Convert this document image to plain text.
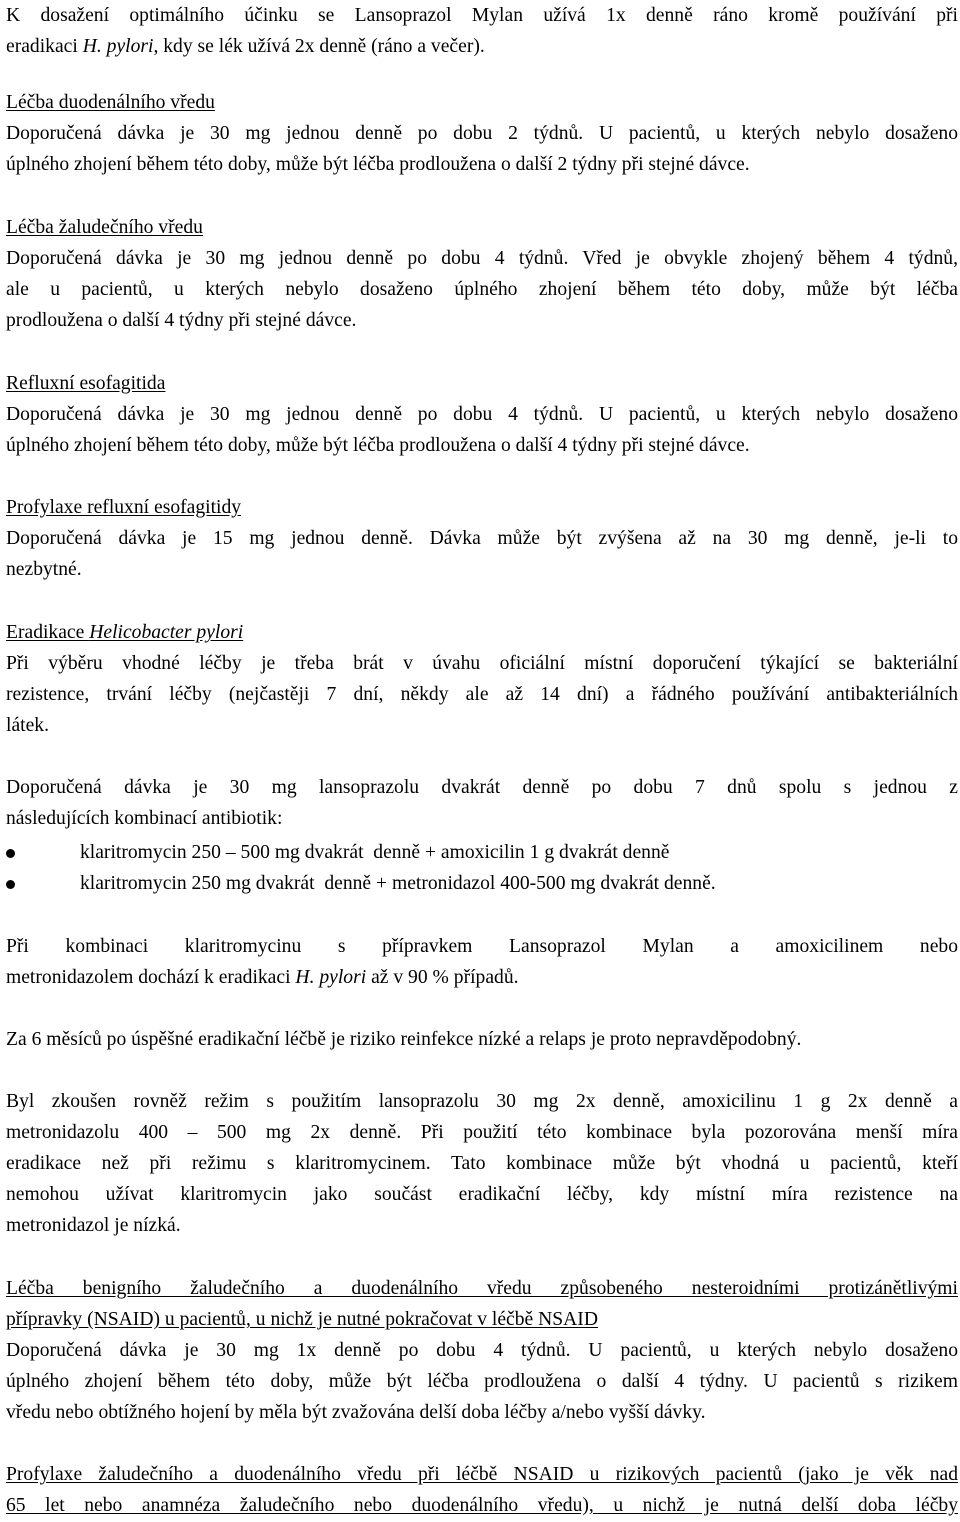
K dosažení optimálního účinku se Lansoprazol Mylan užívá 1x denně ráno kromě používání při
eradikaci H. pylori, kdy se lék užívá 2x denně (ráno a večer).
Léčba duodenálního vředu
Doporučená dávka je 30 mg jednou denně po dobu 2 týdnů. U pacientů, u kterých nebylo dosaženo
úplného zhojení během této doby, může být léčba prodloužena o další 2 týdny při stejné dávce.
Léčba žaludečního vředu
Doporučená dávka je 30 mg jednou denně po dobu 4 týdnů. Vřed je obvykle zhojený během 4 týdnů,
ale u pacientů, u kterých nebylo dosaženo úplného zhojení během této doby, může být léčba
prodloužena o další 4 týdny při stejné dávce.
Refluxní esofagitida
Doporučená dávka je 30 mg jednou denně po dobu 4 týdnů. U pacientů, u kterých nebylo dosaženo
úplného zhojení během této doby, může být léčba prodloužena o další 4 týdny při stejné dávce.
Profylaxe refluxní esofagitidy
Doporučená dávka je 15 mg jednou denně. Dávka může být zvýšena až na 30 mg denně, je-li to
nezbytné.
Eradikace Helicobacter pylori
Při výběru vhodné léčby je třeba brát v úvahu oficiální místní doporučení týkající se bakteriální
rezistence, trvání léčby (nejčastěji 7 dní, někdy ale až 14 dní) a řádného používání antibakteriálních
látek.
Doporučená dávka je 30 mg lansoprazolu dvakrát denně po dobu 7 dnů spolu s jednou z
následujících kombinací antibiotik:
klaritromycin 250 – 500 mg dvakrát  denně + amoxicilin 1 g dvakrát denně
klaritromycin 250 mg dvakrát  denně + metronidazol 400-500 mg dvakrát denně.
Při kombinaci klaritromycinu s přípravkem Lansoprazol Mylan a amoxicilinem nebo
metronidazolem dochází k eradikaci H. pylori až v 90 % případů.
Za 6 měsíců po úspěšné eradikační léčbě je riziko reinfekce nízké a relaps je proto nepravděpodobný.
Byl zkoušen rovněž režim s použitím lansoprazolu 30 mg 2x denně, amoxicilinu 1 g 2x denně a
metronidazolu 400 – 500 mg 2x denně. Při použití této kombinace byla pozorována menší míra
eradikace než při režimu s klaritromycinem. Tato kombinace může být vhodná u pacientů, kteří
nemohou užívat klaritromycin jako součást eradikační léčby, kdy místní míra rezistence na
metronidazol je nízká.
Léčba benigního žaludečního a duodenálního vředu způsobeného nesteroidními protizánětlivými
přípravky (NSAID) u pacientů, u nichž je nutné pokračovat v léčbě NSAID
Doporučená dávka je 30 mg 1x denně po dobu 4 týdnů. U pacientů, u kterých nebylo dosaženo
úplného zhojení během této doby, může být léčba prodloužena o další 4 týdny. U pacientů s rizikem
vředu nebo obtížného hojení by měla být zvažována delší doba léčby a/nebo vyšší dávky.
Profylaxe žaludečního a duodenálního vředu při léčbě NSAID u rizikových pacientů (jako je věk nad
65 let nebo anamnéza žaludečního nebo duodenálního vředu), u nichž je nutná delší doba léčby
